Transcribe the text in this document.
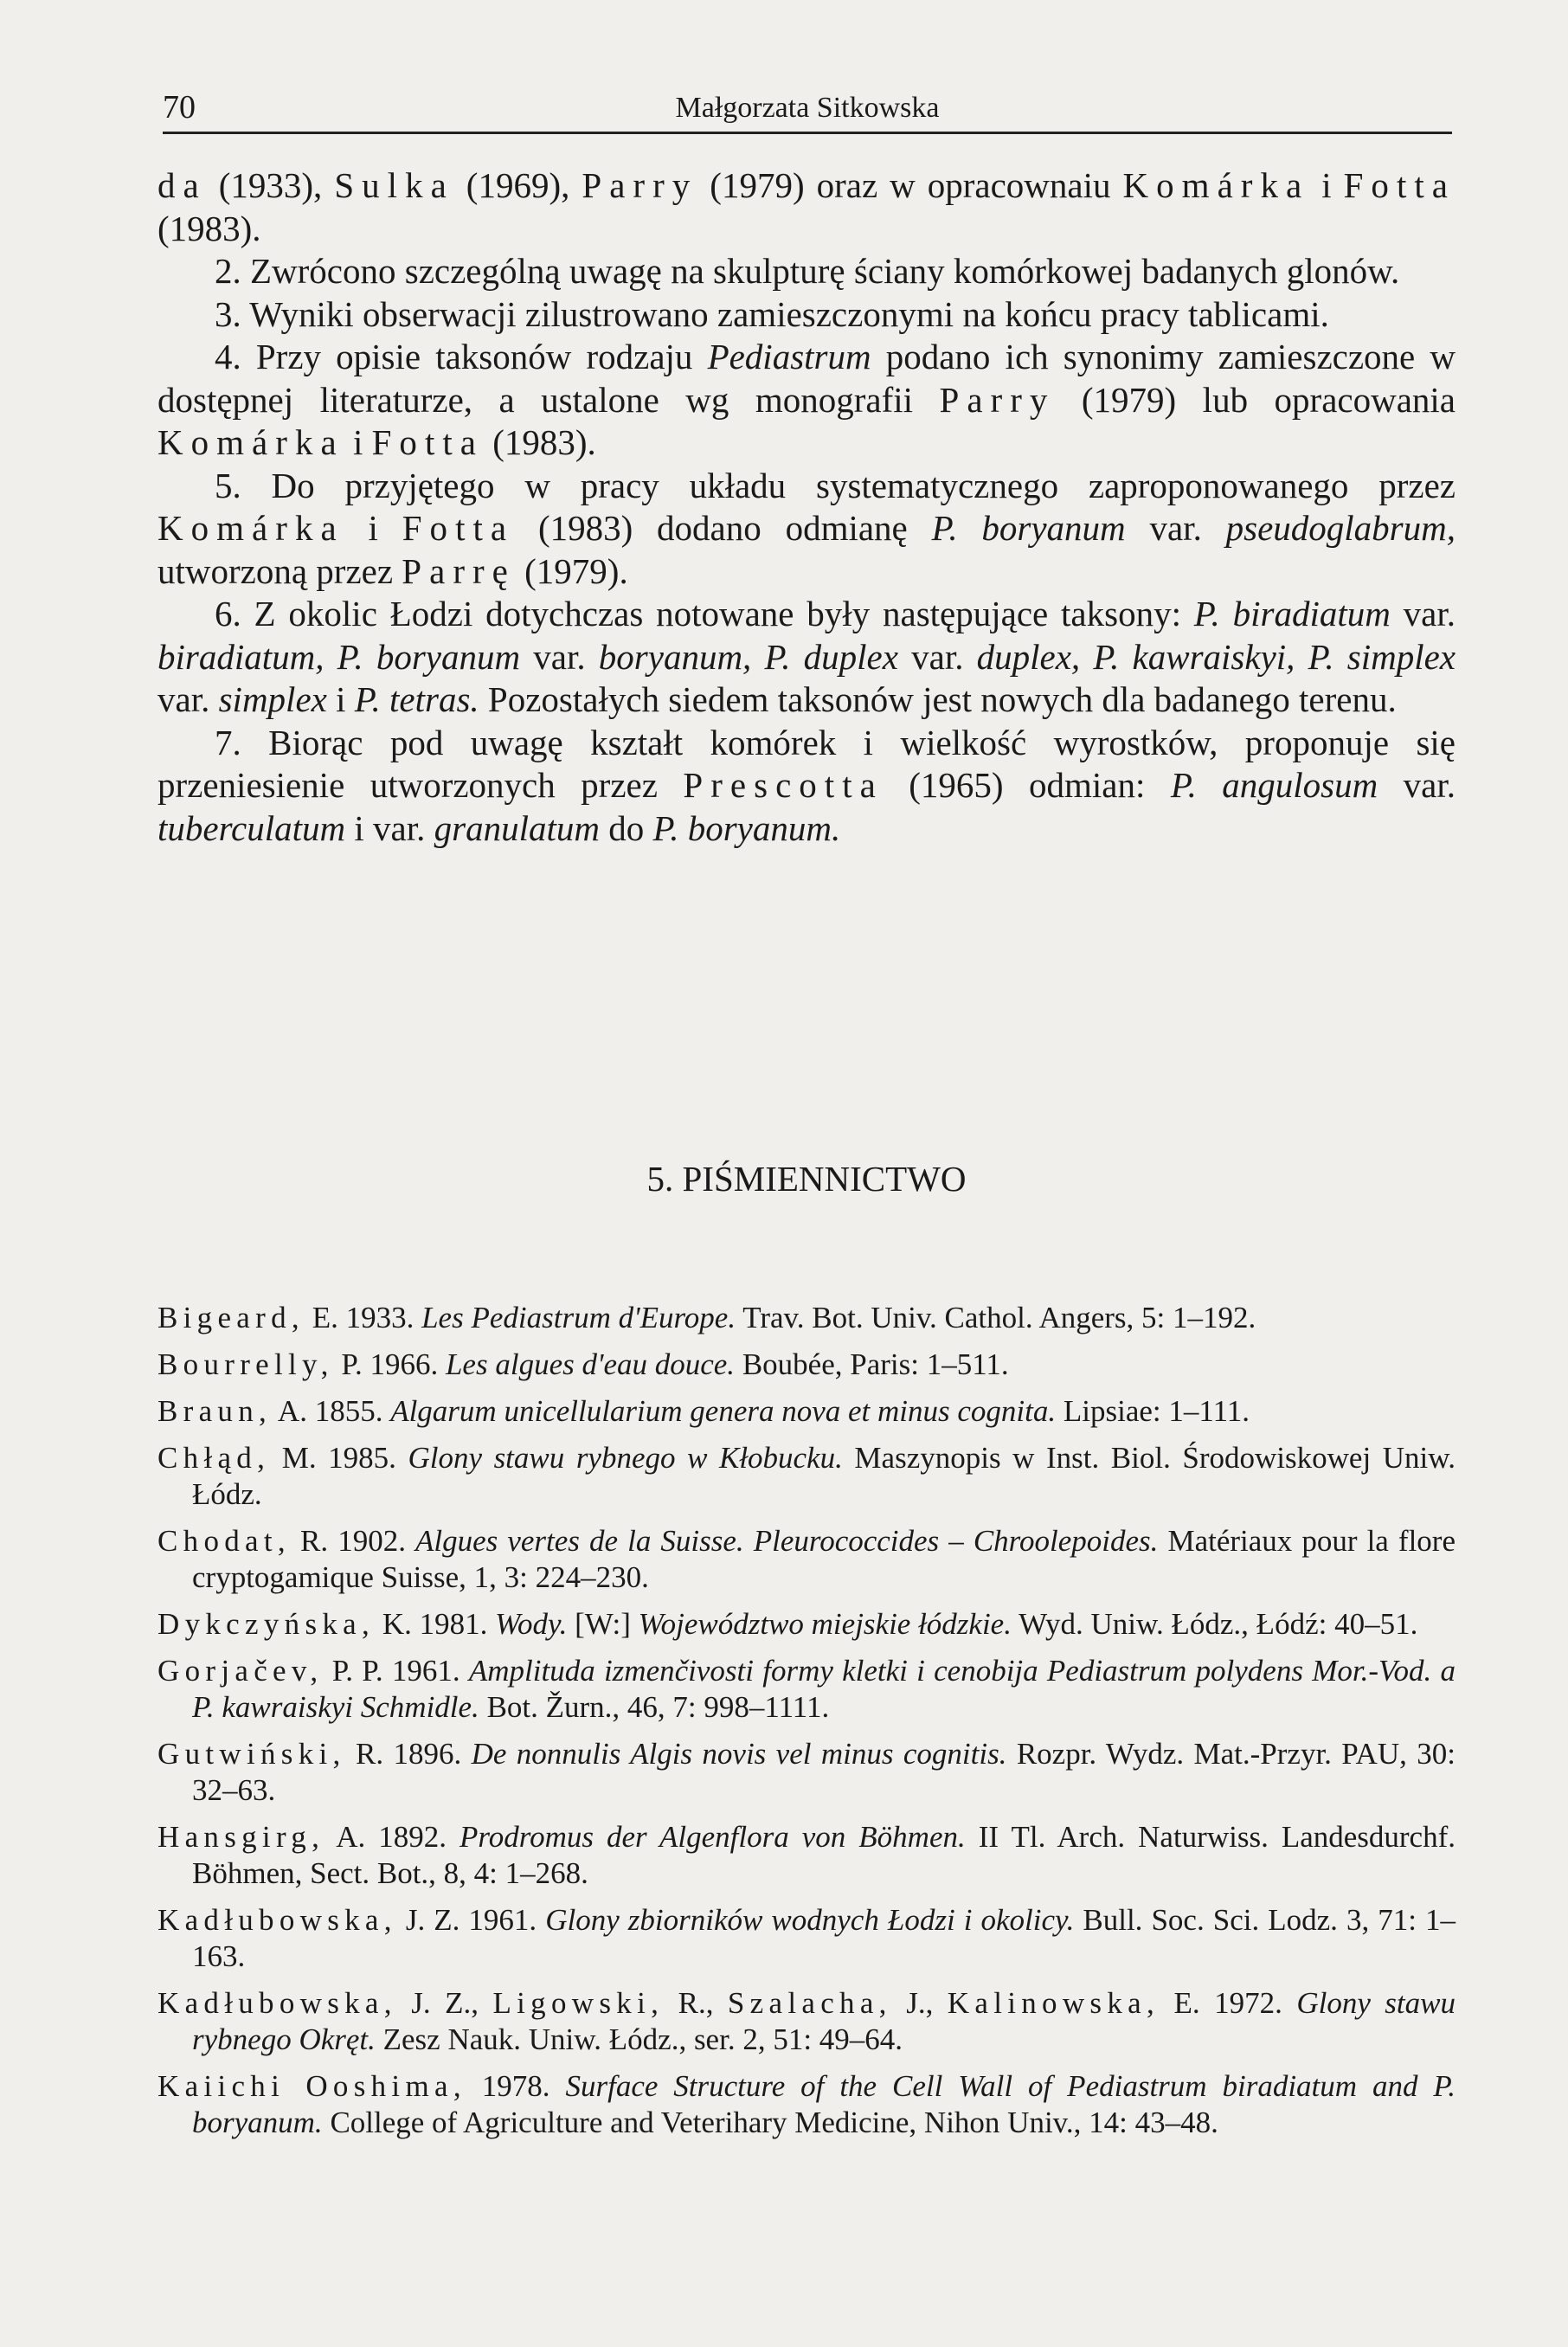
70	Małgorzata Sitkowska

da (1933), Sulka (1969), Parry (1979) oraz w opracownaiu Komárka i Fotta (1983).

2. Zwrócono szczególną uwagę na skulpturę ściany komórkowej badanych glonów.

3. Wyniki obserwacji zilustrowano zamieszczonymi na końcu pracy tablicami.

4. Przy opisie taksonów rodzaju Pediastrum podano ich synonimy zamieszczone w dostępnej literaturze, a ustalone wg monografii Parry (1979) lub opracowania Komárka i Fotta (1983).

5. Do przyjętego w pracy układu systematycznego zaproponowanego przez Komárka i Fotta (1983) dodano odmianę P. boryanum var. pseudoglabrum, utworzoną przez Parrę (1979).

6. Z okolic Łodzi dotychczas notowane były następujące taksony: P. biradiatum var. biradiatum, P. boryanum var. boryanum, P. duplex var. duplex, P. kawraiskyi, P. simplex var. simplex i P. tetras. Pozostałych siedem taksonów jest nowych dla badanego terenu.

7. Biorąc pod uwagę kształt komórek i wielkość wyrostków, proponuje się przeniesienie utworzonych przez Prescotta (1965) odmian: P. angulosum var. tuberculatum i var. granulatum do P. boryanum.

5. PIŚMIENNICTWO
Bigeard, E. 1933. Les Pediastrum d'Europe. Trav. Bot. Univ. Cathol. Angers, 5: 1–192.
Bourrelly, P. 1966. Les algues d'eau douce. Boubée, Paris: 1–511.
Braun, A. 1855. Algarum unicellularium genera nova et minus cognita. Lipsiae: 1–111.
Chłąd, M. 1985. Glony stawu rybnego w Kłobucku. Maszynopis w Inst. Biol. Środowiskowej Uniw. Łódz.
Chodat, R. 1902. Algues vertes de la Suisse. Pleurococcides – Chroolepoides. Matériaux pour la flore cryptogamique Suisse, 1, 3: 224–230.
Dykczyńska, K. 1981. Wody. [W:] Województwo miejskie łódzkie. Wyd. Uniw. Łódz., Łódź: 40–51.
Gorjačev, P. P. 1961. Amplituda izmenčivosti formy kletki i cenobija Pediastrum polydens Mor.-Vod. a P. kawraiskyi Schmidle. Bot. Žurn., 46, 7: 998–1111.
Gutwiński, R. 1896. De nonnulis Algis novis vel minus cognitis. Rozpr. Wydz. Mat.-Przyr. PAU, 30: 32–63.
Hansgirg, A. 1892. Prodromus der Algenflora von Böhmen. II Tl. Arch. Naturwiss. Landesdurchf. Böhmen, Sect. Bot., 8, 4: 1–268.
Kadłubowska, J. Z. 1961. Glony zbiorników wodnych Łodzi i okolicy. Bull. Soc. Sci. Lodz. 3, 71: 1–163.
Kadłubowska, J. Z., Ligowski, R., Szalacha, J., Kalinowska, E. 1972. Glony stawu rybnego Okręt. Zesz Nauk. Uniw. Łódz., ser. 2, 51: 49–64.
Kaiichi Ooshima, 1978. Surface Structure of the Cell Wall of Pediastrum biradiatum and P. boryanum. College of Agriculture and Veterihary Medicine, Nihon Univ., 14: 43–48.
